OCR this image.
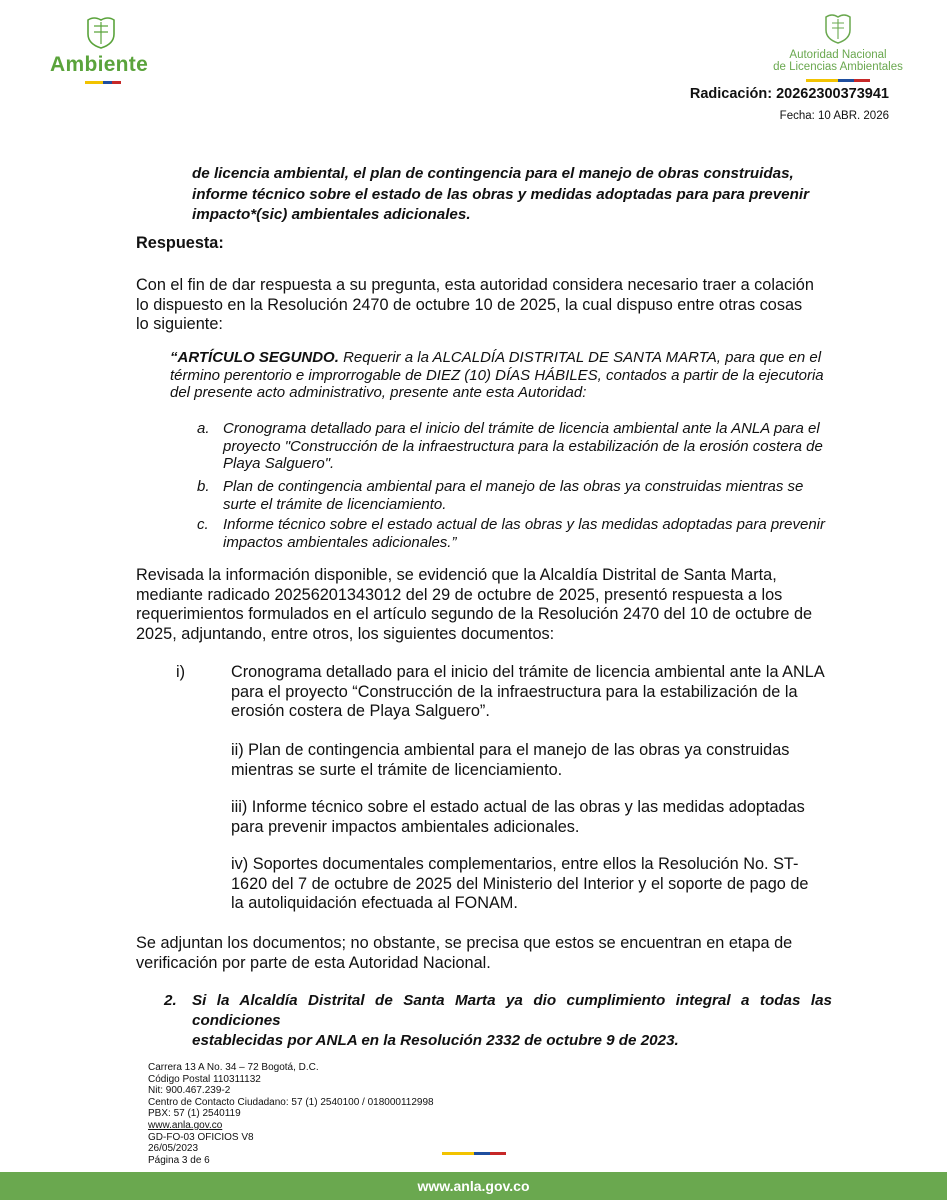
Ambiente	Autoridad Nacional
de Licencias Ambientales
Radicación: 20262300373941
Fecha: 10 ABR. 2026
de licencia ambiental, el plan de contingencia para el manejo de obras construidas,
informe técnico sobre el estado de las obras y medidas adoptadas para para prevenir
impacto*(sic) ambientales adicionales.
Respuesta:
Con el fin de dar respuesta a su pregunta, esta autoridad considera necesario traer a colación
lo dispuesto en la Resolución 2470 de octubre 10 de 2025, la cual dispuso entre otras cosas
lo siguiente:
“ARTÍCULO SEGUNDO. Requerir a la ALCALDÍA DISTRITAL DE SANTA MARTA, para que en el
término perentorio e improrrogable de DIEZ (10) DÍAS HÁBILES, contados a partir de la ejecutoria
del presente acto administrativo, presente ante esta Autoridad:
a. Cronograma detallado para el inicio del trámite de licencia ambiental ante la ANLA para el
proyecto "Construcción de la infraestructura para la estabilización de la erosión costera de
Playa Salguero".
b. Plan de contingencia ambiental para el manejo de las obras ya construidas mientras se
surte el trámite de licenciamiento.
c. Informe técnico sobre el estado actual de las obras y las medidas adoptadas para prevenir
impactos ambientales adicionales.”
Revisada la información disponible, se evidenció que la Alcaldía Distrital de Santa Marta,
mediante radicado 20256201343012 del 29 de octubre de 2025, presentó respuesta a los
requerimientos formulados en el artículo segundo de la Resolución 2470 del 10 de octubre de
2025, adjuntando, entre otros, los siguientes documentos:
i)	Cronograma detallado para el inicio del trámite de licencia ambiental ante la ANLA
para el proyecto “Construcción de la infraestructura para la estabilización de la
erosión costera de Playa Salguero”.
ii) Plan de contingencia ambiental para el manejo de las obras ya construidas
mientras se surte el trámite de licenciamiento.
iii) Informe técnico sobre el estado actual de las obras y las medidas adoptadas
para prevenir impactos ambientales adicionales.
iv) Soportes documentales complementarios, entre ellos la Resolución No. ST-
1620 del 7 de octubre de 2025 del Ministerio del Interior y el soporte de pago de
la autoliquidación efectuada al FONAM.
Se adjuntan los documentos; no obstante, se precisa que estos se encuentran en etapa de
verificación por parte de esta Autoridad Nacional.
2. Si la Alcaldía Distrital de Santa Marta ya dio cumplimiento integral a todas las condiciones
establecidas por ANLA en la Resolución 2332 de octubre 9 de 2023.
Carrera 13 A No. 34 – 72 Bogotá, D.C.
Código Postal 110311132
Nit: 900.467.239-2
Centro de Contacto Ciudadano: 57 (1) 2540100 / 018000112998
PBX: 57 (1) 2540119
www.anla.gov.co
GD-FO-03 OFICIOS V8
26/05/2023
Página 3 de 6
www.anla.gov.co
